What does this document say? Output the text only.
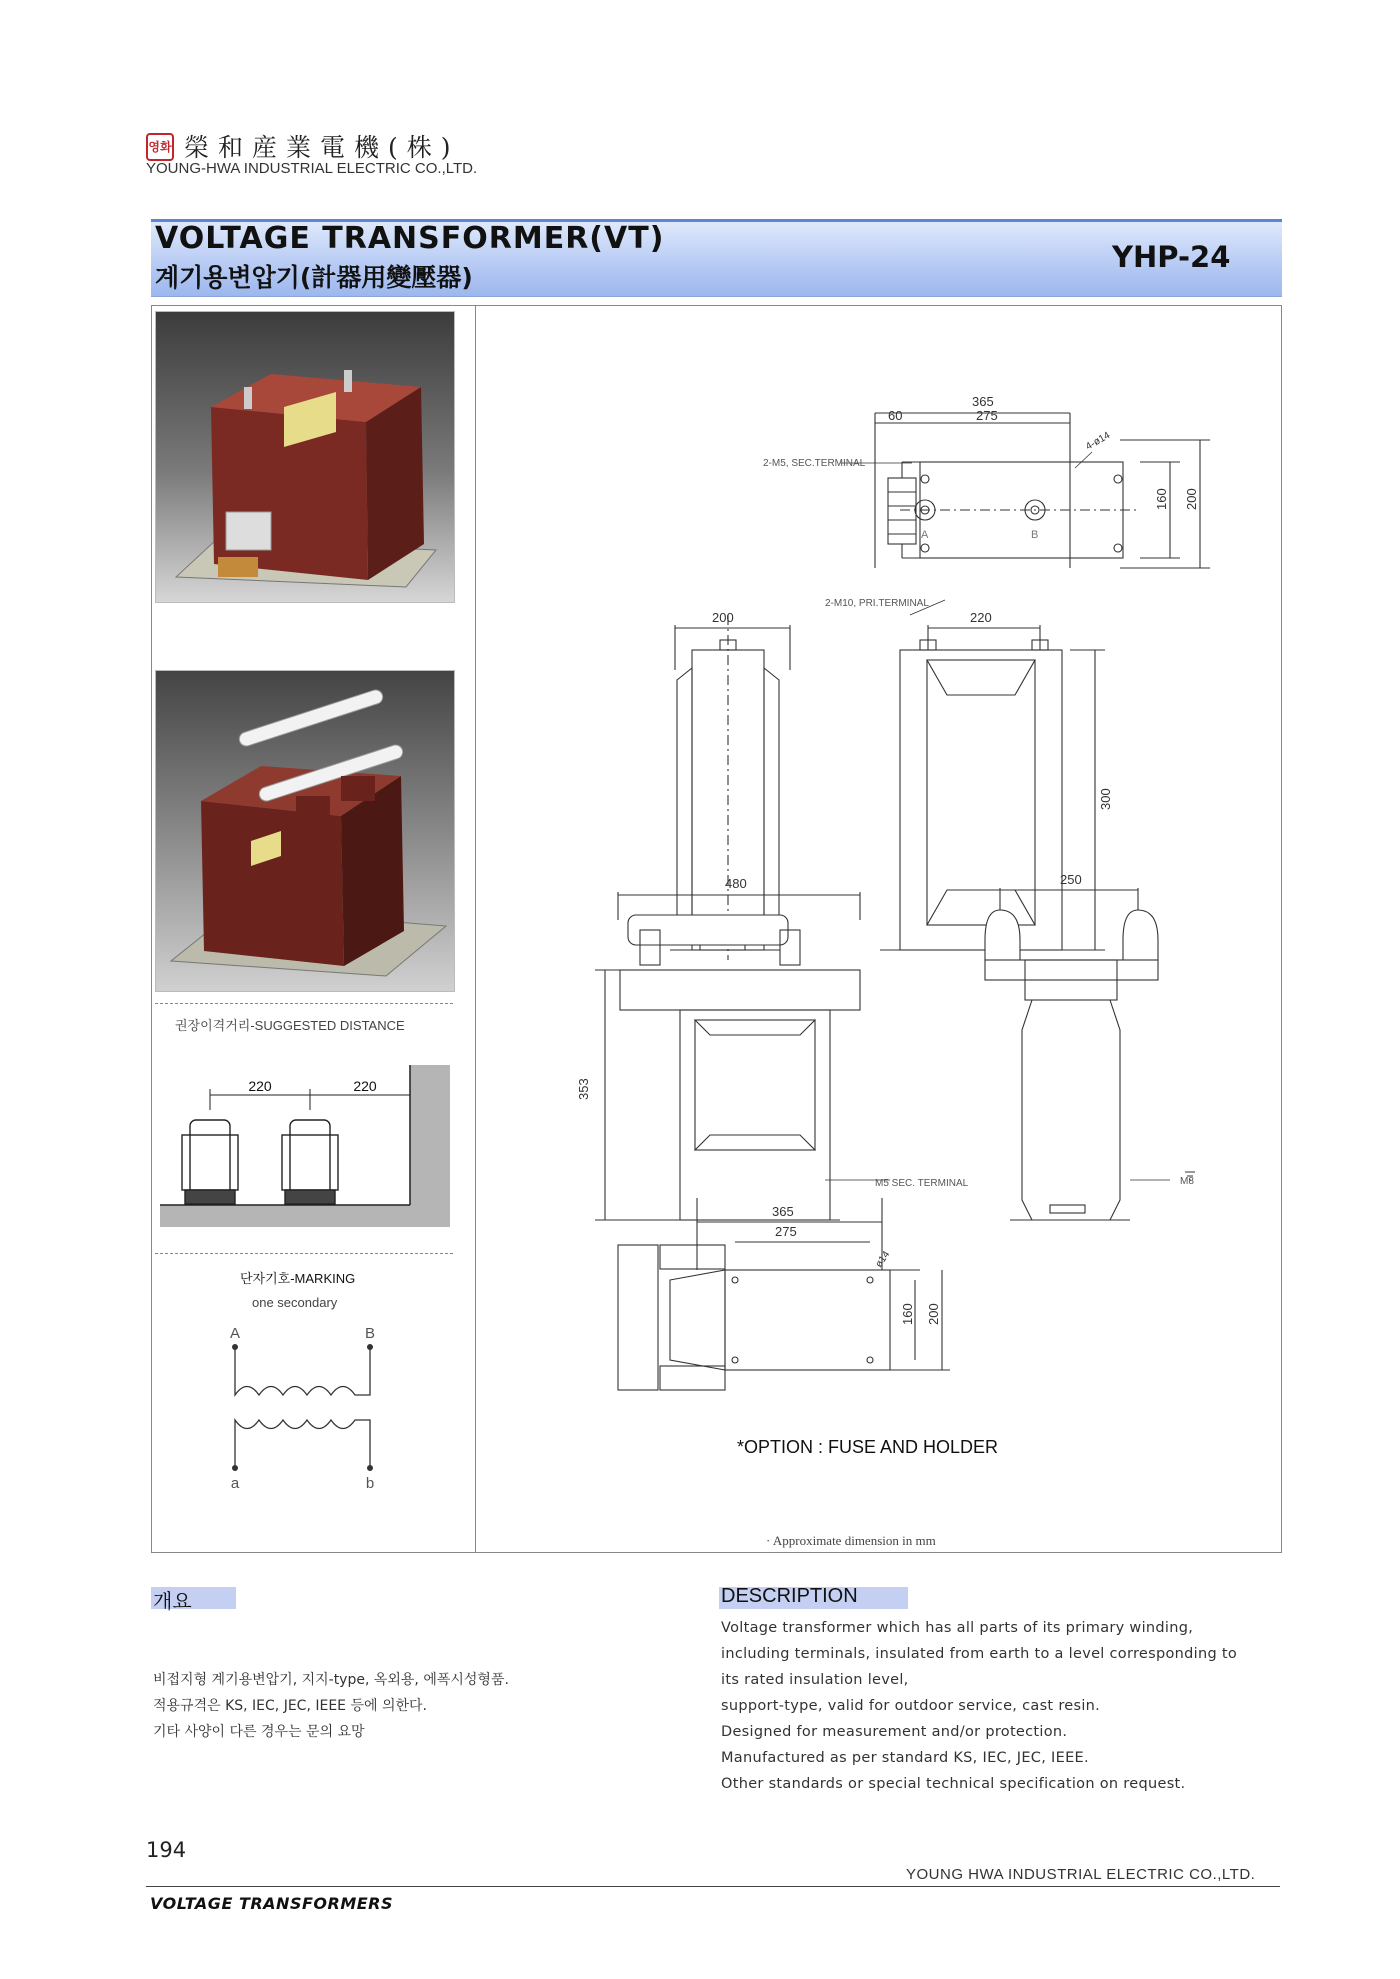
영화 榮和産業電機(株)
YOUNG-HWA INDUSTRIAL ELECTRIC CO.,LTD.
VOLTAGE TRANSFORMER(VT)
계기용변압기(計器用變壓器)
YHP-24
권장이격거리-SUGGESTED DISTANCE
220	220
단자기호-MARKING
one secondary
A	B
a	b
365
60	275
4-ø14
2-M5, SEC.TERMINAL
160 200
A	B
200
2-M10, PRI.TERMINAL
220
300
480
353
M5 SEC. TERMINAL
250
M8
365
275
ø14
160 200
*OPTION : FUSE AND HOLDER
· Approximate dimension in mm
개요
비접지형 계기용변압기, 지지-type, 옥외용, 에폭시성형품.
적용규격은 KS, IEC, JEC, IEEE 등에 의한다.
기타 사양이 다른 경우는 문의 요망
DESCRIPTION
Voltage transformer which has all parts of its primary winding,
including terminals, insulated from earth to a level corresponding to
its rated insulation level,
support-type, valid for outdoor service, cast resin.
Designed for measurement and/or protection.
Manufactured as per standard KS, IEC, JEC, IEEE.
Other standards or special technical specification on request.
194
YOUNG HWA INDUSTRIAL ELECTRIC CO.,LTD.
VOLTAGE TRANSFORMERS
